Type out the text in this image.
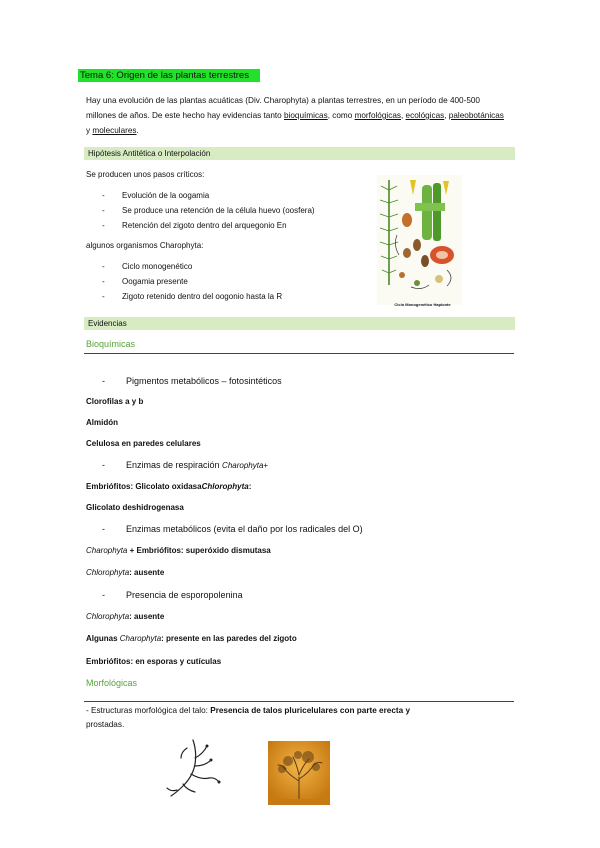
Tema 6: Origen de las plantas terrestres
Hay una evolución de las plantas acuáticas (Div. Charophyta) a plantas terrestres, en un período de 400-500 millones de años. De este hecho hay evidencias tanto bioquímicas, como morfológicas, ecológicas, paleobotánicas y moleculares.
Hipótesis Antitética o Interpolación
Se producen unos pasos críticos:
- Evolución de la oogamia
- Se produce una retención de la célula huevo (oosfera)
- Retención del zigoto dentro del arquegonio En
algunos organismos Charophyta:
- Ciclo monogenético
- Oogamia presente
- Zigoto retenido dentro del oogonio hasta la R
Ciclo Monogenético Haplonte
Evidencias
Bioquímicas
- Pigmentos metabólicos – fotosintéticos
Clorofilas a y b
Almidón
Celulosa en paredes celulares
- Enzimas de respiración Charophyta+
Embriófitos: Glicolato oxidasaChlorophyta:
Glicolato deshidrogenasa
- Enzimas metabólicos (evita el daño por los radicales del O)
Charophyta + Embriófitos: superóxido dismutasa
Chlorophyta: ausente
- Presencia de esporopolenina
Chlorophyta: ausente
Algunas Charophyta: presente en las paredes del zigoto
Embriófitos: en esporas y cutículas
Morfológicas
- Estructuras morfológica del talo: Presencia de talos pluricelulares con parte erecta y
prostadas.
